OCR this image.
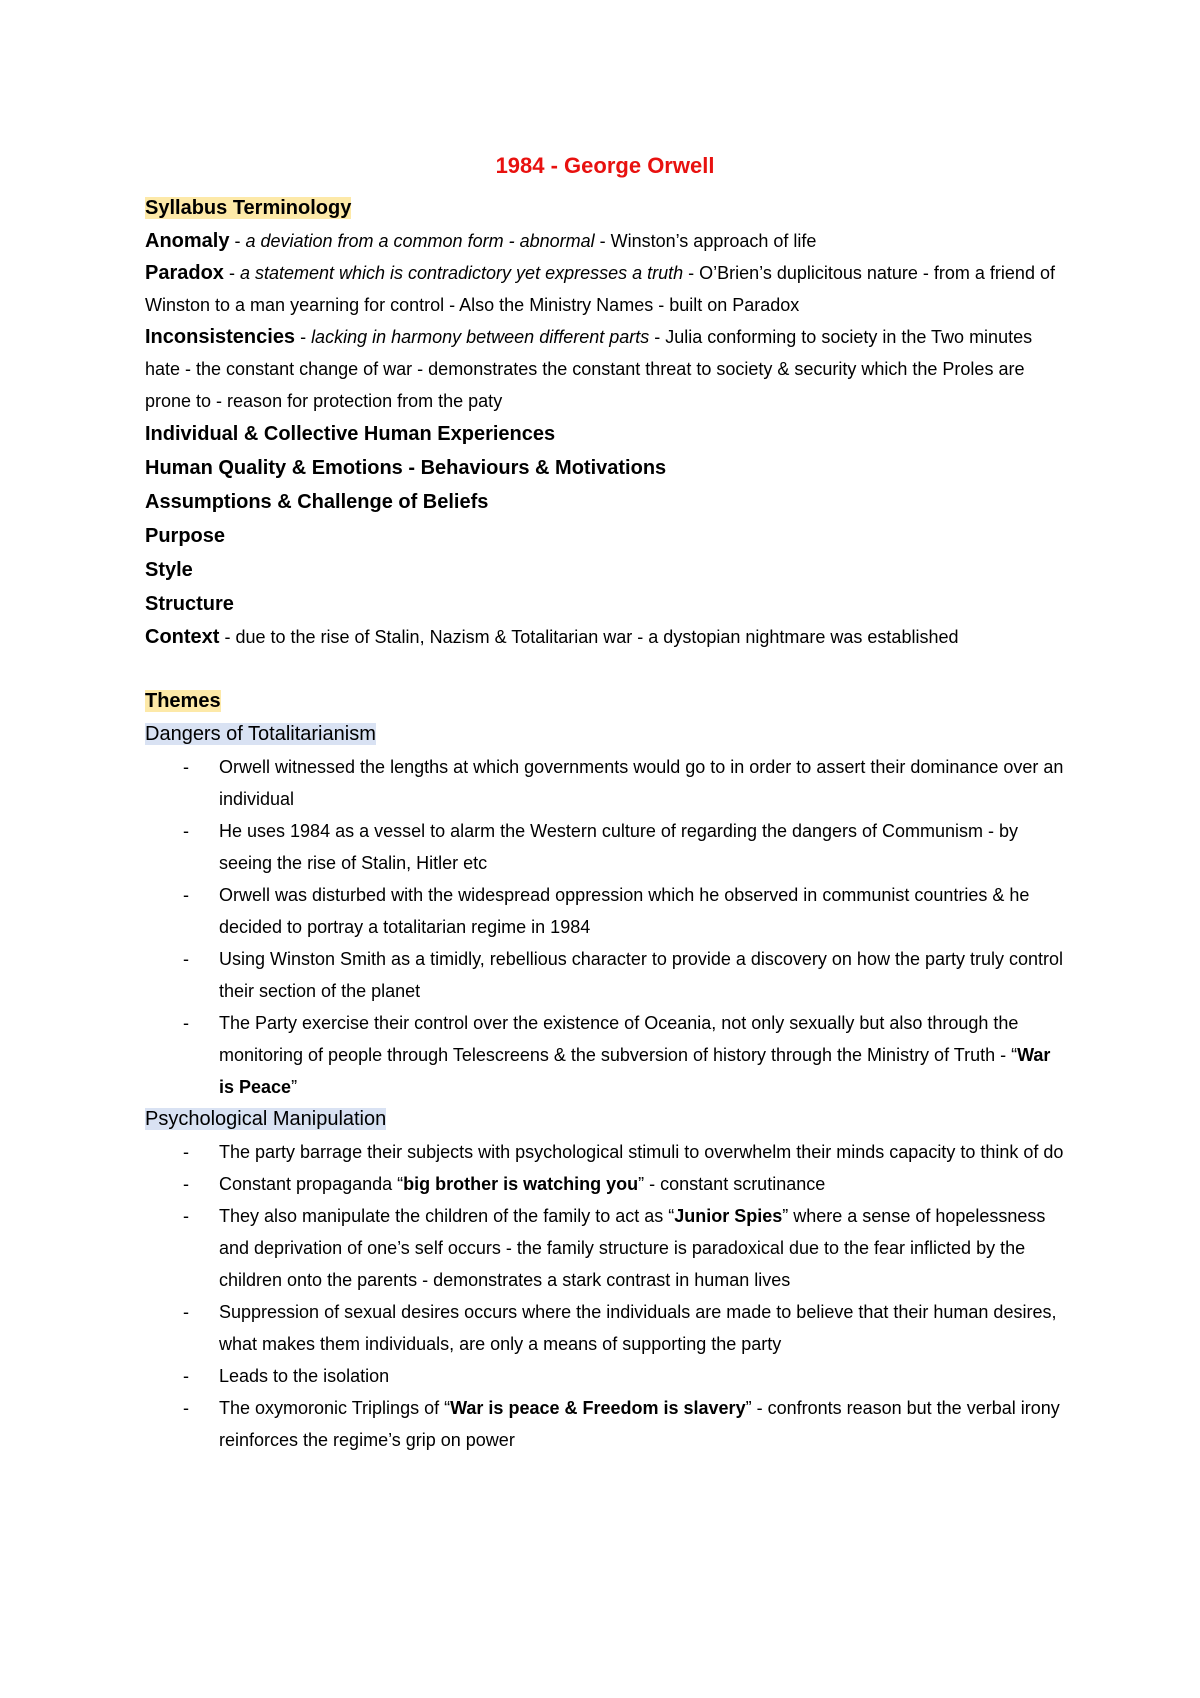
1984 - George Orwell
Syllabus Terminology
Anomaly - a deviation from a common form - abnormal - Winston’s approach of life
Paradox - a statement which is contradictory yet expresses a truth - O’Brien’s duplicitous nature - from a friend of Winston to a man yearning for control - Also the Ministry Names - built on Paradox
Inconsistencies - lacking in harmony between different parts - Julia conforming to society in the Two minutes hate - the constant change of war - demonstrates the constant threat to society & security which the Proles are prone to - reason for protection from the paty
Individual & Collective Human Experiences
Human Quality & Emotions - Behaviours & Motivations
Assumptions & Challenge of Beliefs
Purpose
Style
Structure
Context - due to the rise of Stalin, Nazism & Totalitarian war - a dystopian nightmare was established
Themes
Dangers of Totalitarianism
- Orwell witnessed the lengths at which governments would go to in order to assert their dominance over an individual
- He uses 1984 as a vessel to alarm the Western culture of regarding the dangers of Communism - by seeing the rise of Stalin, Hitler etc
- Orwell was disturbed with the widespread oppression which he observed in communist countries & he decided to portray a totalitarian regime in 1984
- Using Winston Smith as a timidly, rebellious character to provide a discovery on how the party truly control their section of the planet
- The Party exercise their control over the existence of Oceania, not only sexually but also through the monitoring of people through Telescreens & the subversion of history through the Ministry of Truth - “War is Peace”
Psychological Manipulation
- The party barrage their subjects with psychological stimuli to overwhelm their minds capacity to think of do
- Constant propaganda “big brother is watching you” - constant scrutinance
- They also manipulate the children of the family to act as “Junior Spies” where a sense of hopelessness and deprivation of one’s self occurs - the family structure is paradoxical due to the fear inflicted by the children onto the parents - demonstrates a stark contrast in human lives
- Suppression of sexual desires occurs where the individuals are made to believe that their human desires, what makes them individuals, are only a means of supporting the party
- Leads to the isolation
- The oxymoronic Triplings of “War is peace & Freedom is slavery” - confronts reason but the verbal irony reinforces the regime’s grip on power
